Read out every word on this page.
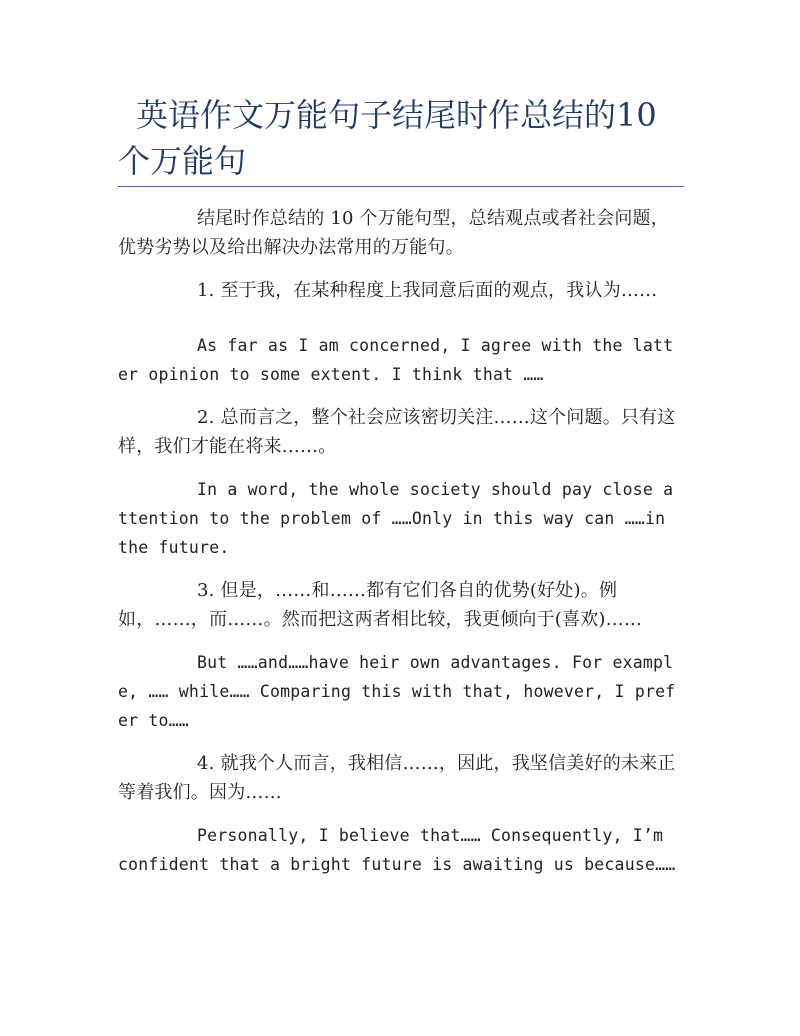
英语作文万能句子结尾时作总结的10个万能句

结尾时作总结的 10 个万能句型，总结观点或者社会问题，优势劣势以及给出解决办法常用的万能句。

1. 至于我，在某种程度上我同意后面的观点，我认为……

As far as I am concerned, I agree with the latter opinion to some extent. I think that ……

2. 总而言之，整个社会应该密切关注……这个问题。只有这样，我们才能在将来……。

In a word, the whole society should pay close attention to the problem of ……Only in this way can ……in the future.

3. 但是，……和……都有它们各自的优势(好处)。例如，……，而……。然而把这两者相比较，我更倾向于(喜欢)……

But ……and……have heir own advantages. For example, …… while…… Comparing this with that, however, I prefer to……

4. 就我个人而言，我相信……，因此，我坚信美好的未来正等着我们。因为……

Personally, I believe that…… Consequently, I’m confident that a bright future is awaiting us because……
